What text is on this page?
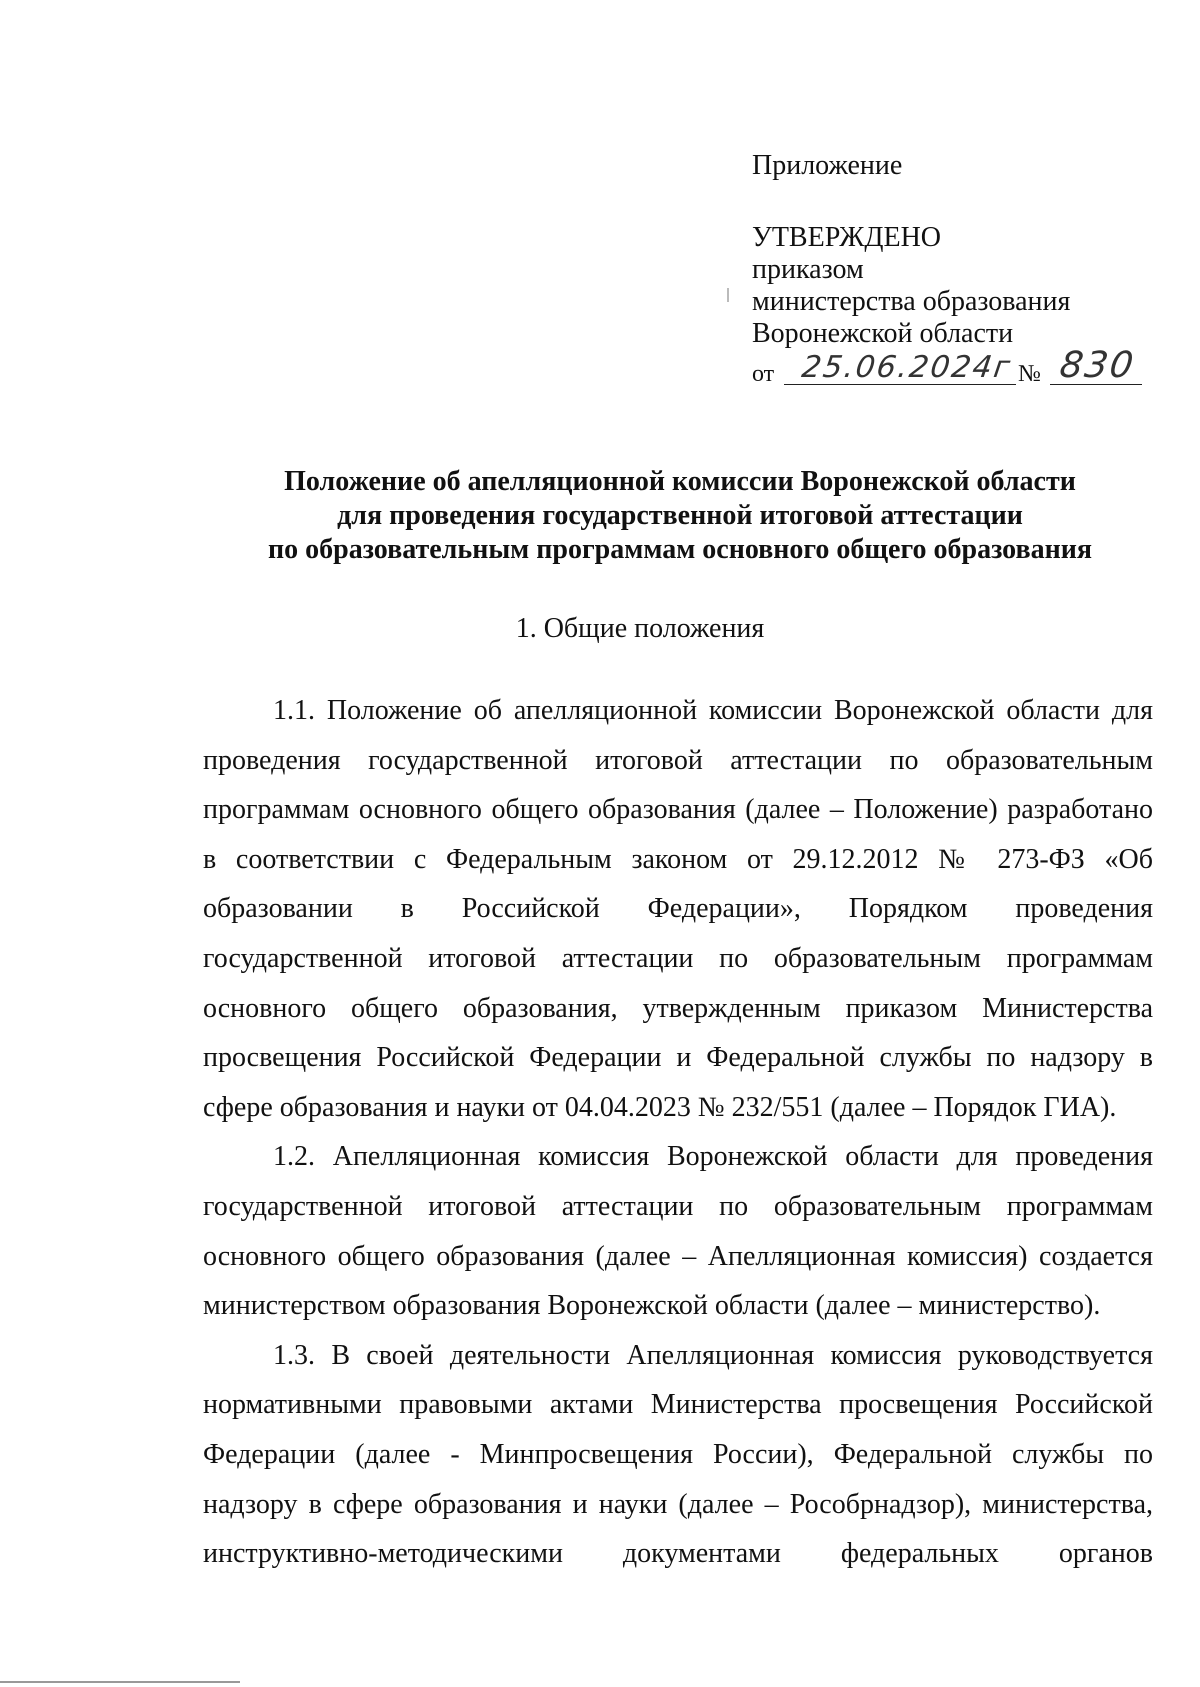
Приложение
УТВЕРЖДЕНО
приказом
министерства образования
Воронежской области
от 25.06.2024г № 830
Положение об апелляционной комиссии Воронежской области
для проведения государственной итоговой аттестации
по образовательным программам основного общего образования
1. Общие положения

1.1. Положение об апелляционной комиссии Воронежской области для проведения государственной итоговой аттестации по образовательным программам основного общего образования (далее – Положение) разработано в соответствии с Федеральным законом от 29.12.2012 № 273-ФЗ «Об образовании в Российской Федерации», Порядком проведения государственной итоговой аттестации по образовательным программам основного общего образования, утвержденным приказом Министерства просвещения Российской Федерации и Федеральной службы по надзору в сфере образования и науки от 04.04.2023 № 232/551 (далее – Порядок ГИА).

1.2. Апелляционная комиссия Воронежской области для проведения государственной итоговой аттестации по образовательным программам основного общего образования (далее – Апелляционная комиссия) создается министерством образования Воронежской области (далее – министерство).

1.3. В своей деятельности Апелляционная комиссия руководствуется нормативными правовыми актами Министерства просвещения Российской Федерации (далее - Минпросвещения России), Федеральной службы по надзору в сфере образования и науки (далее – Рособрнадзор), министерства, инструктивно-методическими документами федеральных органов
